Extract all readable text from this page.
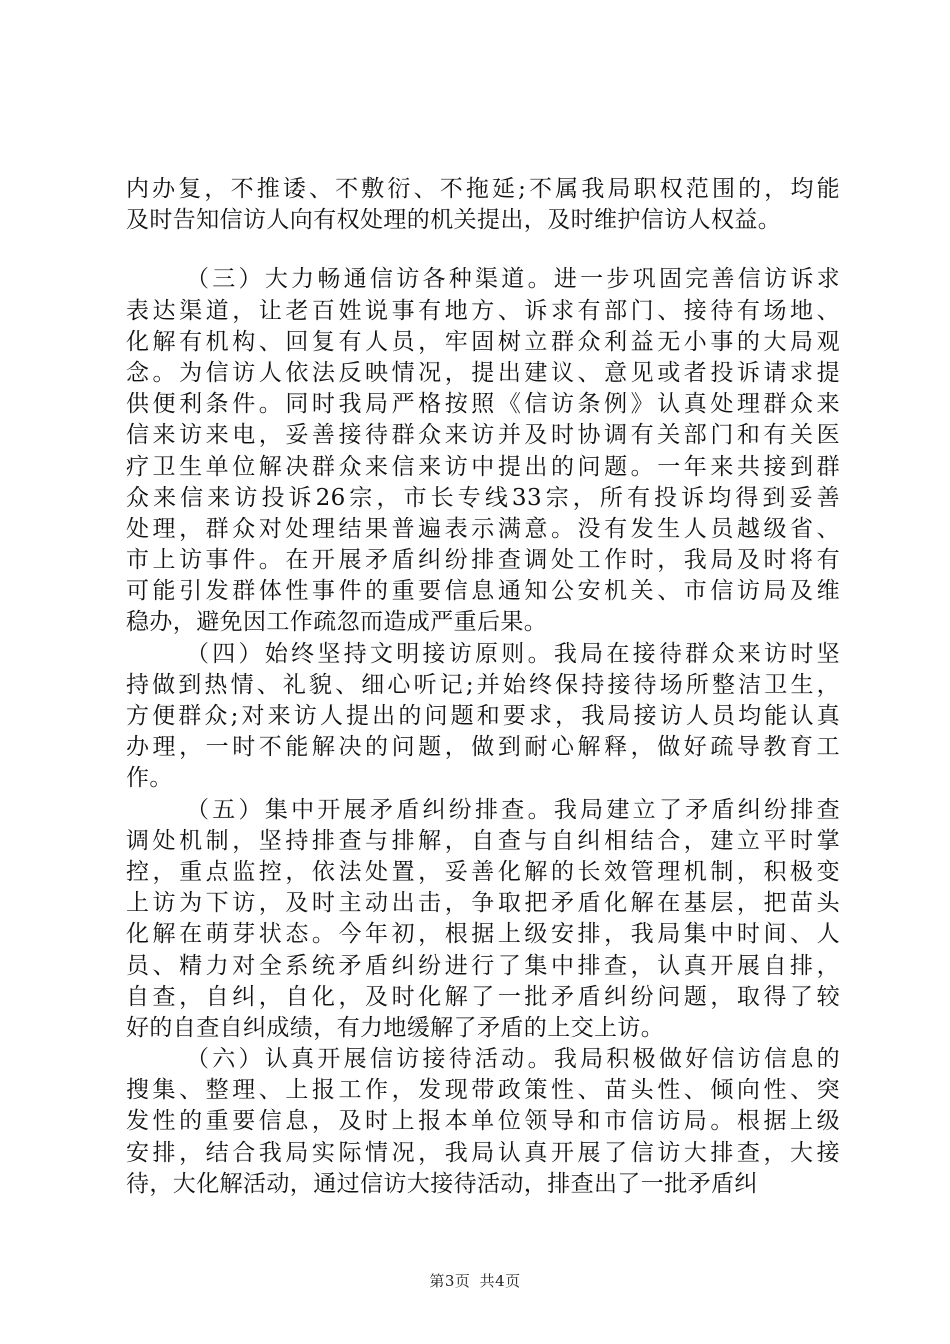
内办复，不推诿、不敷衍、不拖延;不属我局职权范围的，均能
及时告知信访人向有权处理的机关提出，及时维护信访人权益。
（三）大力畅通信访各种渠道。进一步巩固完善信访诉求
表达渠道，让老百姓说事有地方、诉求有部门、接待有场地、
化解有机构、回复有人员，牢固树立群众利益无小事的大局观
念。为信访人依法反映情况，提出建议、意见或者投诉请求提
供便利条件。同时我局严格按照《信访条例》认真处理群众来
信来访来电，妥善接待群众来访并及时协调有关部门和有关医
疗卫生单位解决群众来信来访中提出的问题。一年来共接到群
众来信来访投诉26宗，市长专线33宗，所有投诉均得到妥善
处理，群众对处理结果普遍表示满意。没有发生人员越级省、
市上访事件。在开展矛盾纠纷排查调处工作时，我局及时将有
可能引发群体性事件的重要信息通知公安机关、市信访局及维
稳办，避免因工作疏忽而造成严重后果。
（四）始终坚持文明接访原则。我局在接待群众来访时坚
持做到热情、礼貌、细心听记;并始终保持接待场所整洁卫生，
方便群众;对来访人提出的问题和要求，我局接访人员均能认真
办理，一时不能解决的问题，做到耐心解释，做好疏导教育工
作。
（五）集中开展矛盾纠纷排查。我局建立了矛盾纠纷排查
调处机制，坚持排查与排解，自查与自纠相结合，建立平时掌
控，重点监控，依法处置，妥善化解的长效管理机制，积极变
上访为下访，及时主动出击，争取把矛盾化解在基层，把苗头
化解在萌芽状态。今年初，根据上级安排，我局集中时间、人
员、精力对全系统矛盾纠纷进行了集中排查，认真开展自排，
自查，自纠，自化，及时化解了一批矛盾纠纷问题，取得了较
好的自查自纠成绩，有力地缓解了矛盾的上交上访。
（六）认真开展信访接待活动。我局积极做好信访信息的
搜集、整理、上报工作，发现带政策性、苗头性、倾向性、突
发性的重要信息，及时上报本单位领导和市信访局。根据上级
安排，结合我局实际情况，我局认真开展了信访大排查，大接
待，大化解活动，通过信访大接待活动，排查出了一批矛盾纠
第3页 共4页
